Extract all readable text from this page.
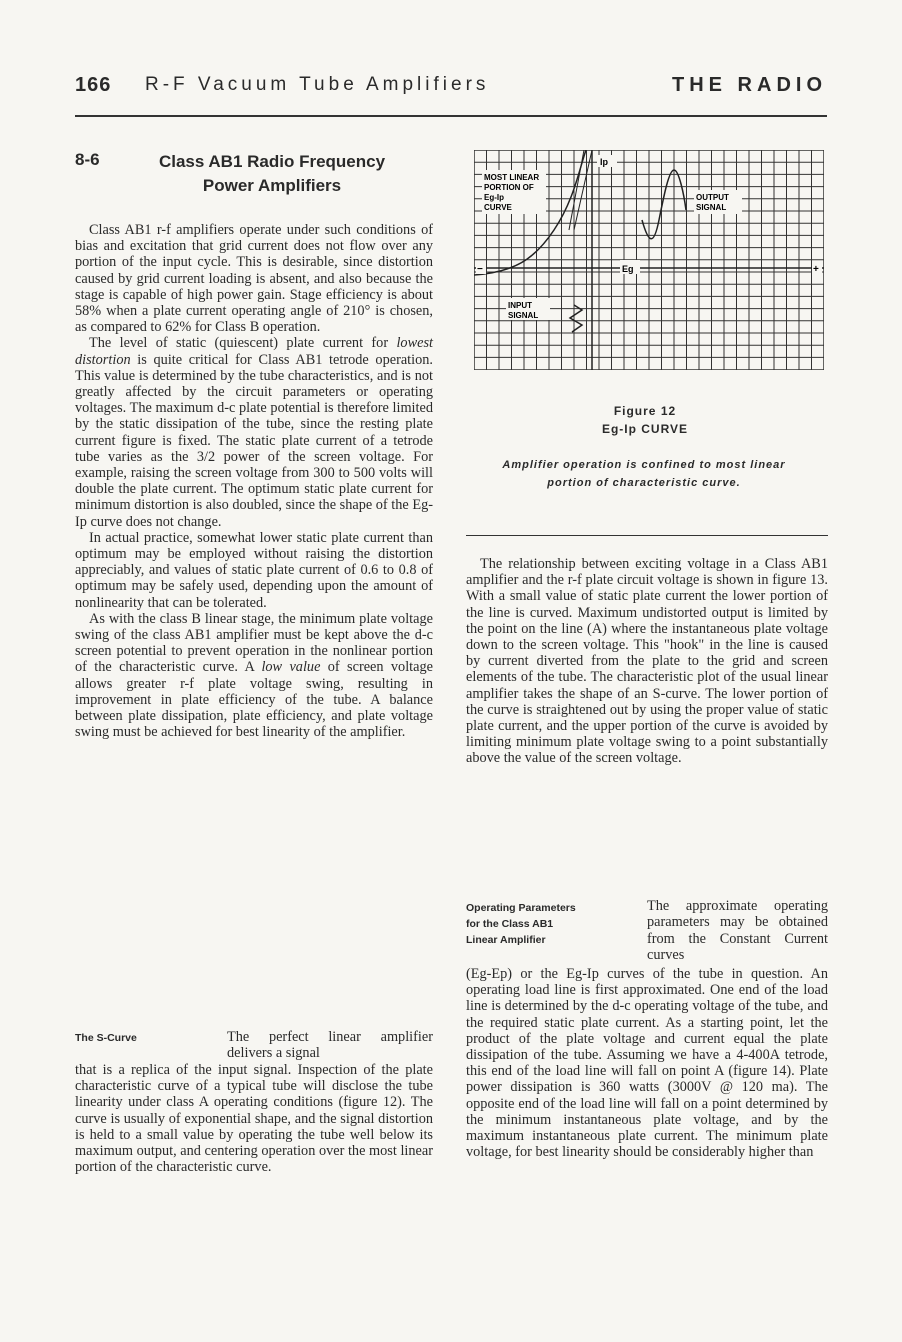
166 R-F Vacuum Tube Amplifiers	THE RADIO
8-6	Class AB1 Radio Frequency
Power Amplifiers

Class AB1 r-f amplifiers operate under such conditions of bias and excitation that grid current does not flow over any portion of the input cycle. This is desirable, since distortion caused by grid current loading is absent, and also because the stage is capable of high power gain. Stage efficiency is about 58% when a plate current operating angle of 210° is chosen, as compared to 62% for Class B operation.

The level of static (quiescent) plate current for lowest distortion is quite critical for Class AB1 tetrode operation. This value is determined by the tube characteristics, and is not greatly affected by the circuit parameters or operating voltages. The maximum d-c plate potential is therefore limited by the static dissipation of the tube, since the resting plate current figure is fixed. The static plate current of a tetrode tube varies as the 3/2 power of the screen voltage. For example, raising the screen voltage from 300 to 500 volts will double the plate current. The optimum static plate current for minimum distortion is also doubled, since the shape of the Eg-Ip curve does not change.

In actual practice, somewhat lower static plate current than optimum may be employed without raising the distortion appreciably, and values of static plate current of 0.6 to 0.8 of optimum may be safely used, depending upon the amount of nonlinearity that can be tolerated.

As with the class B linear stage, the minimum plate voltage swing of the class AB1 amplifier must be kept above the d-c screen potential to prevent operation in the nonlinear portion of the characteristic curve. A low value of screen voltage allows greater r-f plate voltage swing, resulting in improvement in plate efficiency of the tube. A balance between plate dissipation, plate efficiency, and plate voltage swing must be achieved for best linearity of the amplifier.

The S-Curve	The perfect linear amplifier delivers a signal

that is a replica of the input signal. Inspection of the plate characteristic curve of a typical tube will disclose the tube linearity under class A operating conditions (figure 12). The curve is usually of exponential shape, and the signal distortion is held to a small value by operating the tube well below its maximum output, and centering operation over the most linear portion of the characteristic curve.

MOST LINEAR
PORTION OF
Eg-Ip
CURVE
Ip
OUTPUT
SIGNAL
INPUT
SIGNAL
Eg
−	+
Figure 12
Eg-Ip CURVE
Amplifier operation is confined to most linear portion of characteristic curve.

The relationship between exciting voltage in a Class AB1 amplifier and the r-f plate circuit voltage is shown in figure 13. With a small value of static plate current the lower portion of the line is curved. Maximum undistorted output is limited by the point on the line (A) where the instantaneous plate voltage down to the screen voltage. This "hook" in the line is caused by current diverted from the plate to the grid and screen elements of the tube. The characteristic plot of the usual linear amplifier takes the shape of an S-curve. The lower portion of the curve is straightened out by using the proper value of static plate current, and the upper portion of the curve is avoided by limiting minimum plate voltage swing to a point substantially above the value of the screen voltage.

Operating Parameters
for the Class AB1
Linear Amplifier
The approximate operating parameters may be obtained from the Constant Current curves

(Eg-Ep) or the Eg-Ip curves of the tube in question. An operating load line is first approximated. One end of the load line is determined by the d-c operating voltage of the tube, and the required static plate current. As a starting point, let the product of the plate voltage and current equal the plate dissipation of the tube. Assuming we have a 4-400A tetrode, this end of the load line will fall on point A (figure 14). Plate power dissipation is 360 watts (3000V @ 120 ma). The opposite end of the load line will fall on a point determined by the minimum instantaneous plate voltage, and by the maximum instantaneous plate current. The minimum plate voltage, for best linearity should be considerably higher than
